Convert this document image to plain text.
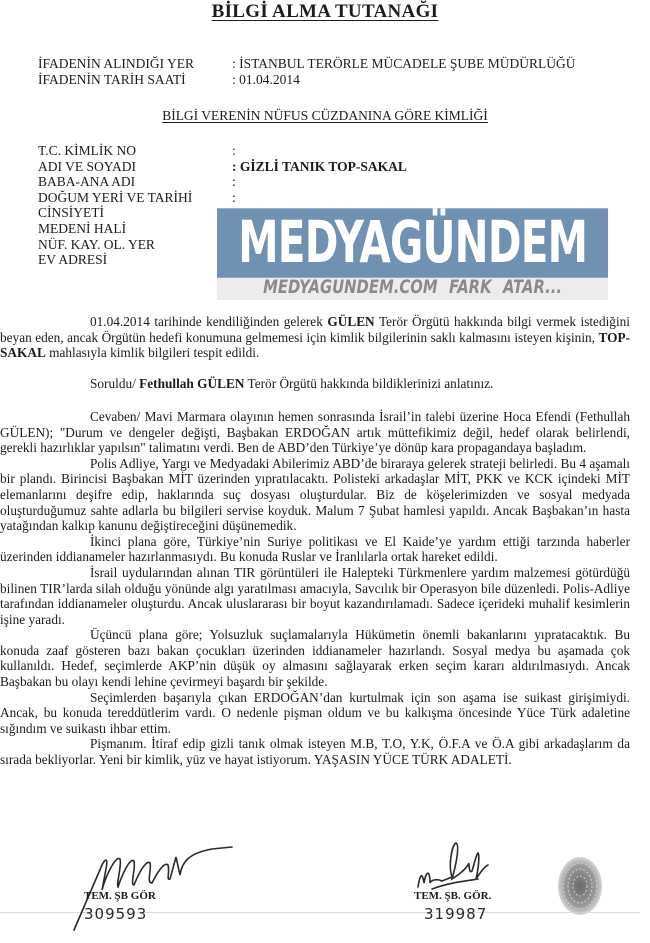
BİLGİ ALMA TUTANAĞI
İFADENİN ALINDIĞI YER	: İSTANBUL TERÖRLE MÜCADELE ŞUBE MÜDÜRLÜĞÜ
İFADENİN TARİH SAATİ	: 01.04.2014
BİLGİ VERENİN NÜFUS CÜZDANINA GÖRE KİMLİĞİ
T.C. KİMLİK NO	:
ADI VE SOYADI	: GİZLİ TANIK TOP-SAKAL
BABA-ANA ADI	:
DOĞUM YERİ VE TARİHİ	:
CİNSİYETİ
MEDENİ HALİ
NÜF. KAY. OL. YER
EV ADRESİ	MEDYAGÜNDEM
MEDYAGUNDEM.COM FARK ATAR...

01.04.2014 tarihinde kendiliğinden gelerek GÜLEN Terör Örgütü hakkında bilgi vermek istediğini beyan eden, ancak Örgütün hedefi konumuna gelmemesi için kimlik bilgilerinin saklı kalmasını isteyen kişinin, TOP-SAKAL mahlasıyla kimlik bilgileri tespit edildi.

Soruldu/ Fethullah GÜLEN Terör Örgütü hakkında bildiklerinizi anlatınız.

Cevaben/ Mavi Marmara olayının hemen sonrasında İsrail’in talebi üzerine Hoca Efendi (Fethullah GÜLEN); "Durum ve dengeler değişti, Başbakan ERDOĞAN artık müttefikimiz değil, hedef olarak belirlendi, gerekli hazırlıklar yapılsın" talimatını verdi. Ben de ABD’den Türkiye’ye dönüp kara propagandaya başladım.

Polis Adliye, Yargı ve Medyadaki Abilerimiz ABD’de biraraya gelerek strateji belirledi. Bu 4 aşamalı bir plandı. Birincisi Başbakan MİT üzerinden yıpratılacaktı. Polisteki arkadaşlar MİT, PKK ve KCK içindeki MİT elemanlarını deşifre edip, haklarında suç dosyası oluşturdular. Biz de köşelerimizden ve sosyal medyada oluşturduğumuz sahte adlarla bu bilgileri servise koyduk. Malum 7 Şubat hamlesi yapıldı. Ancak Başbakan’ın hasta yatağından kalkıp kanunu değiştireceğini düşünemedik.

İkinci plana göre, Türkiye’nin Suriye politikası ve El Kaide’ye yardım ettiği tarzında haberler üzerinden iddianameler hazırlanmasıydı. Bu konuda Ruslar ve İranlılarla ortak hareket edildi.

İsrail uydularından alınan TIR görüntüleri ile Halepteki Türkmenlere yardım malzemesi götürdüğü bilinen TIR’larda silah olduğu yönünde algı yaratılması amacıyla, Savcılık bir Operasyon bile düzenledi. Polis-Adliye tarafından iddianameler oluşturdu. Ancak uluslararası bir boyut kazandırılamadı. Sadece içerideki muhalif kesimlerin işine yaradı.

Üçüncü plana göre; Yolsuzluk suçlamalarıyla Hükümetin önemli bakanlarını yıpratacaktık. Bu konuda zaaf gösteren bazı bakan çocukları üzerinden iddianameler hazırlandı. Sosyal medya bu aşamada çok kullanıldı. Hedef, seçimlerde AKP’nin düşük oy almasını sağlayarak erken seçim kararı aldırılmasıydı. Ancak Başbakan bu olayı kendi lehine çevirmeyi başardı bir şekilde.

Seçimlerden başarıyla çıkan ERDOĞAN’dan kurtulmak için son aşama ise suikast girişimiydi. Ancak, bu konuda tereddütlerim vardı. O nedenle pişman oldum ve bu kalkışma öncesinde Yüce Türk adaletine sığındım ve suikastı ihbar ettim.

Pişmanım. İtiraf edip gizli tanık olmak isteyen M.B, T.O, Y.K, Ö.F.A ve Ö.A gibi arkadaşlarım da sırada bekliyorlar. Yeni bir kimlik, yüz ve hayat istiyorum. YAŞASIN YÜCE TÜRK ADALETİ.

TEM. ŞB GÖR
309593
TEM. ŞB. GÖR.
319987
